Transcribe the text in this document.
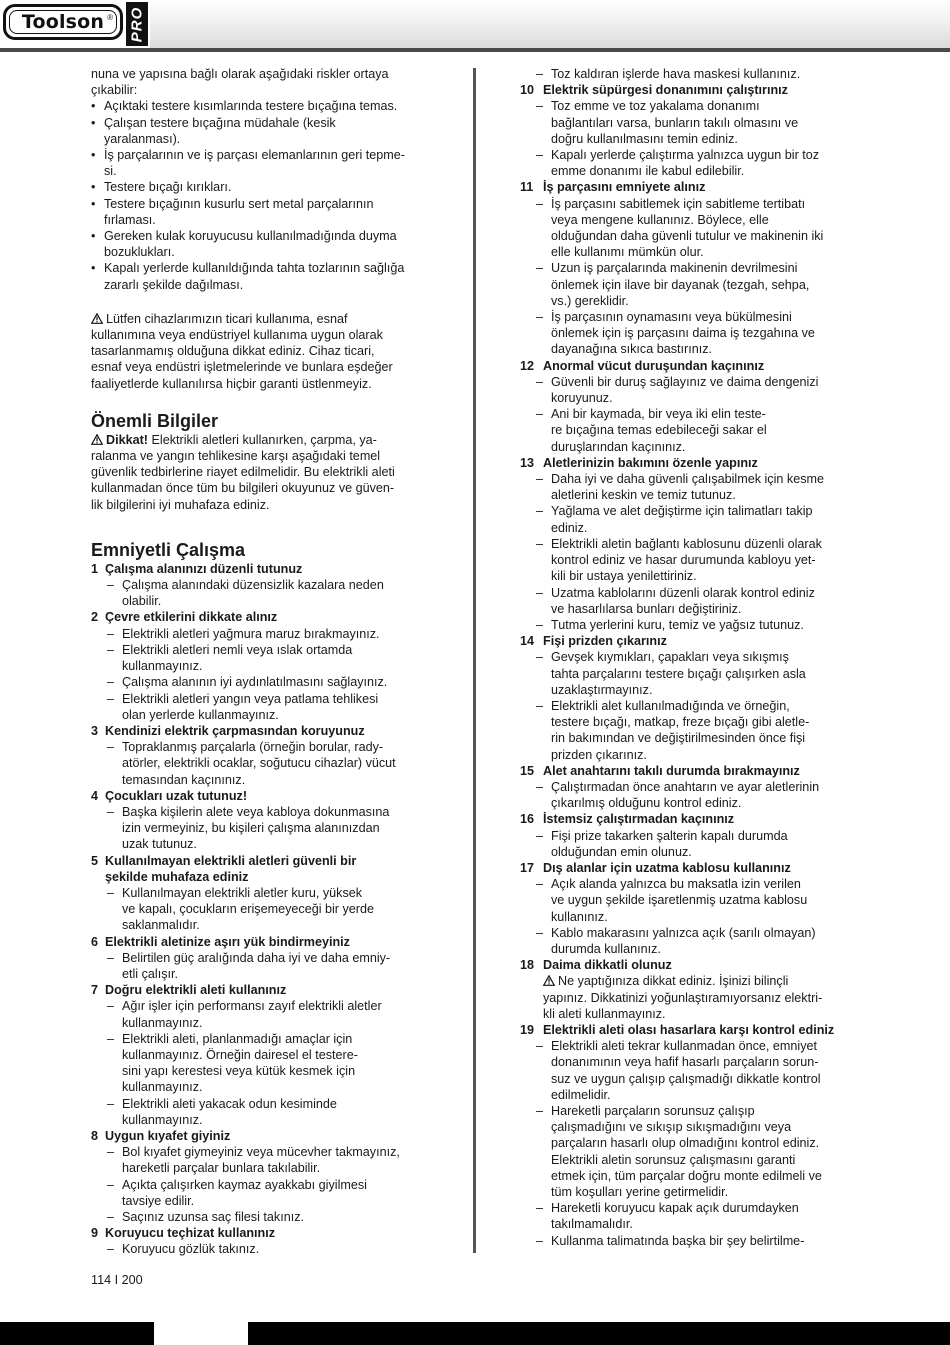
Toolson ® PRO

nuna ve yapısına bağlı olarak aşağıdaki riskler ortaya

çıkabilir:

• Açıktaki testere kısımlarında testere bıçağına temas.
• Çalışan testere bıçağına müdahale (kesik
yaralanması).
• İş parçalarının ve iş parçası elemanlarının geri tepme-
si.
• Testere bıçağı kırıkları.
• Testere bıçağının kusurlu sert metal parçalarının
fırlaması.
• Gereken kulak koruyucusu kullanılmadığında duyma
bozuklukları.
• Kapalı yerlerde kullanıldığında tahta tozlarının sağlığa
zararlı şekilde dağılması.

Lütfen cihazlarımızın ticari kullanıma, esnaf

kullanımına veya endüstriyel kullanıma uygun olarak

tasarlanmamış olduğuna dikkat ediniz. Cihaz ticari,

esnaf veya endüstri işletmelerinde ve bunlara eşdeğer

faaliyetlerde kullanılırsa hiçbir garanti üstlenmeyiz.

Önemli Bilgiler

Dikkat! Elektrikli aletleri kullanırken, çarpma, ya-

ralanma ve yangın tehlikesine karşı aşağıdaki temel

güvenlik tedbirlerine riayet edilmelidir. Bu elektrikli aleti

kullanmadan önce tüm bu bilgileri okuyunuz ve güven-

lik bilgilerini iyi muhafaza ediniz.

Emniyetli Çalışma

1 Çalışma alanınızı düzenli tutunuz
– Çalışma alanındaki düzensizlik kazalara neden
olabilir.
2 Çevre etkilerini dikkate alınız
– Elektrikli aletleri yağmura maruz bırakmayınız.
– Elektrikli aletleri nemli veya ıslak ortamda
kullanmayınız.
– Çalışma alanının iyi aydınlatılmasını sağlayınız.
– Elektrikli aletleri yangın veya patlama tehlikesi
olan yerlerde kullanmayınız.
3 Kendinizi elektrik çarpmasından koruyunuz
– Topraklanmış parçalarla (örneğin borular, rady-
atörler, elektrikli ocaklar, soğutucu cihazlar) vücut
temasından kaçınınız.
4 Çocukları uzak tutunuz!
– Başka kişilerin alete veya kabloya dokunmasına
izin vermeyiniz, bu kişileri çalışma alanınızdan
uzak tutunuz.
5 Kullanılmayan elektrikli aletleri güvenli bir
şekilde muhafaza ediniz
– Kullanılmayan elektrikli aletler kuru, yüksek
ve kapalı, çocukların erişemeyeceği bir yerde
saklanmalıdır.
6 Elektrikli aletinize aşırı yük bindirmeyiniz
– Belirtilen güç aralığında daha iyi ve daha emniy-
etli çalışır.
7 Doğru elektrikli aleti kullanınız
– Ağır işler için performansı zayıf elektrikli aletler
kullanmayınız.
– Elektrikli aleti, planlanmadığı amaçlar için
kullanmayınız. Örneğin dairesel el testere-
sini yapı kerestesi veya kütük kesmek için
kullanmayınız.
– Elektrikli aleti yakacak odun kesiminde
kullanmayınız.
8 Uygun kıyafet giyiniz
– Bol kıyafet giymeyiniz veya mücevher takmayınız,
hareketli parçalar bunlara takılabilir.
– Açıkta çalışırken kaymaz ayakkabı giyilmesi
tavsiye edilir.
– Saçınız uzunsa saç filesi takınız.
9 Koruyucu teçhizat kullanınız
– Koruyucu gözlük takınız.

– Toz kaldıran işlerde hava maskesi kullanınız.

10 Elektrik süpürgesi donanımını çalıştırınız
– Toz emme ve toz yakalama donanımı
bağlantıları varsa, bunların takılı olmasını ve
doğru kullanılmasını temin ediniz.
– Kapalı yerlerde çalıştırma yalnızca uygun bir toz
emme donanımı ile kabul edilebilir.
11 İş parçasını emniyete alınız
– İş parçasını sabitlemek için sabitleme tertibatı
veya mengene kullanınız. Böylece, elle
olduğundan daha güvenli tutulur ve makinenin iki
elle kullanımı mümkün olur.
– Uzun iş parçalarında makinenin devrilmesini
önlemek için ilave bir dayanak (tezgah, sehpa,
vs.) gereklidir.
– İş parçasının oynamasını veya bükülmesini
önlemek için iş parçasını daima iş tezgahına ve
dayanağına sıkıca bastırınız.
12 Anormal vücut duruşundan kaçınınız
– Güvenli bir duruş sağlayınız ve daima dengenizi
koruyunuz.
– Ani bir kaymada, bir veya iki elin teste-
re bıçağına temas edebileceği sakar el
duruşlarından kaçınınız.
13 Aletlerinizin bakımını özenle yapınız
– Daha iyi ve daha güvenli çalışabilmek için kesme
aletlerini keskin ve temiz tutunuz.
– Yağlama ve alet değiştirme için talimatları takip
ediniz.
– Elektrikli aletin bağlantı kablosunu düzenli olarak
kontrol ediniz ve hasar durumunda kabloyu yet-
kili bir ustaya yenilettiriniz.
– Uzatma kablolarını düzenli olarak kontrol ediniz
ve hasarlılarsa bunları değiştiriniz.
– Tutma yerlerini kuru, temiz ve yağsız tutunuz.
14 Fişi prizden çıkarınız
– Gevşek kıymıkları, çapakları veya sıkışmış
tahta parçalarını testere bıçağı çalışırken asla
uzaklaştırmayınız.
– Elektrikli alet kullanılmadığında ve örneğin,
testere bıçağı, matkap, freze bıçağı gibi aletle-
rin bakımından ve değiştirilmesinden önce fişi
prizden çıkarınız.
15 Alet anahtarını takılı durumda bırakmayınız
– Çalıştırmadan önce anahtarın ve ayar aletlerinin
çıkarılmış olduğunu kontrol ediniz.
16 İstemsiz çalıştırmadan kaçınınız
– Fişi prize takarken şalterin kapalı durumda
olduğundan emin olunuz.
17 Dış alanlar için uzatma kablosu kullanınız
– Açık alanda yalnızca bu maksatla izin verilen
ve uygun şekilde işaretlenmiş uzatma kablosu
kullanınız.
– Kablo makarasını yalnızca açık (sarılı olmayan)
durumda kullanınız.
18 Daima dikkatli olunuz
Ne yaptığınıza dikkat ediniz. İşinizi bilinçli
yapınız. Dikkatinizi yoğunlaştıramıyorsanız elektri-
kli aleti kullanmayınız.
19 Elektrikli aleti olası hasarlara karşı kontrol ediniz
– Elektrikli aleti tekrar kullanmadan önce, emniyet
donanımının veya hafif hasarlı parçaların sorun-
suz ve uygun çalışıp çalışmadığı dikkatle kontrol
edilmelidir.
– Hareketli parçaların sorunsuz çalışıp
çalışmadığını ve sıkışıp sıkışmadığını veya
parçaların hasarlı olup olmadığını kontrol ediniz.
Elektrikli aletin sorunsuz çalışmasını garanti
etmek için, tüm parçalar doğru monte edilmeli ve
tüm koşulları yerine getirmelidir.
– Hareketli koruyucu kapak açık durumdayken
takılmamalıdır.
– Kullanma talimatında başka bir şey belirtilme-
114 I 200
